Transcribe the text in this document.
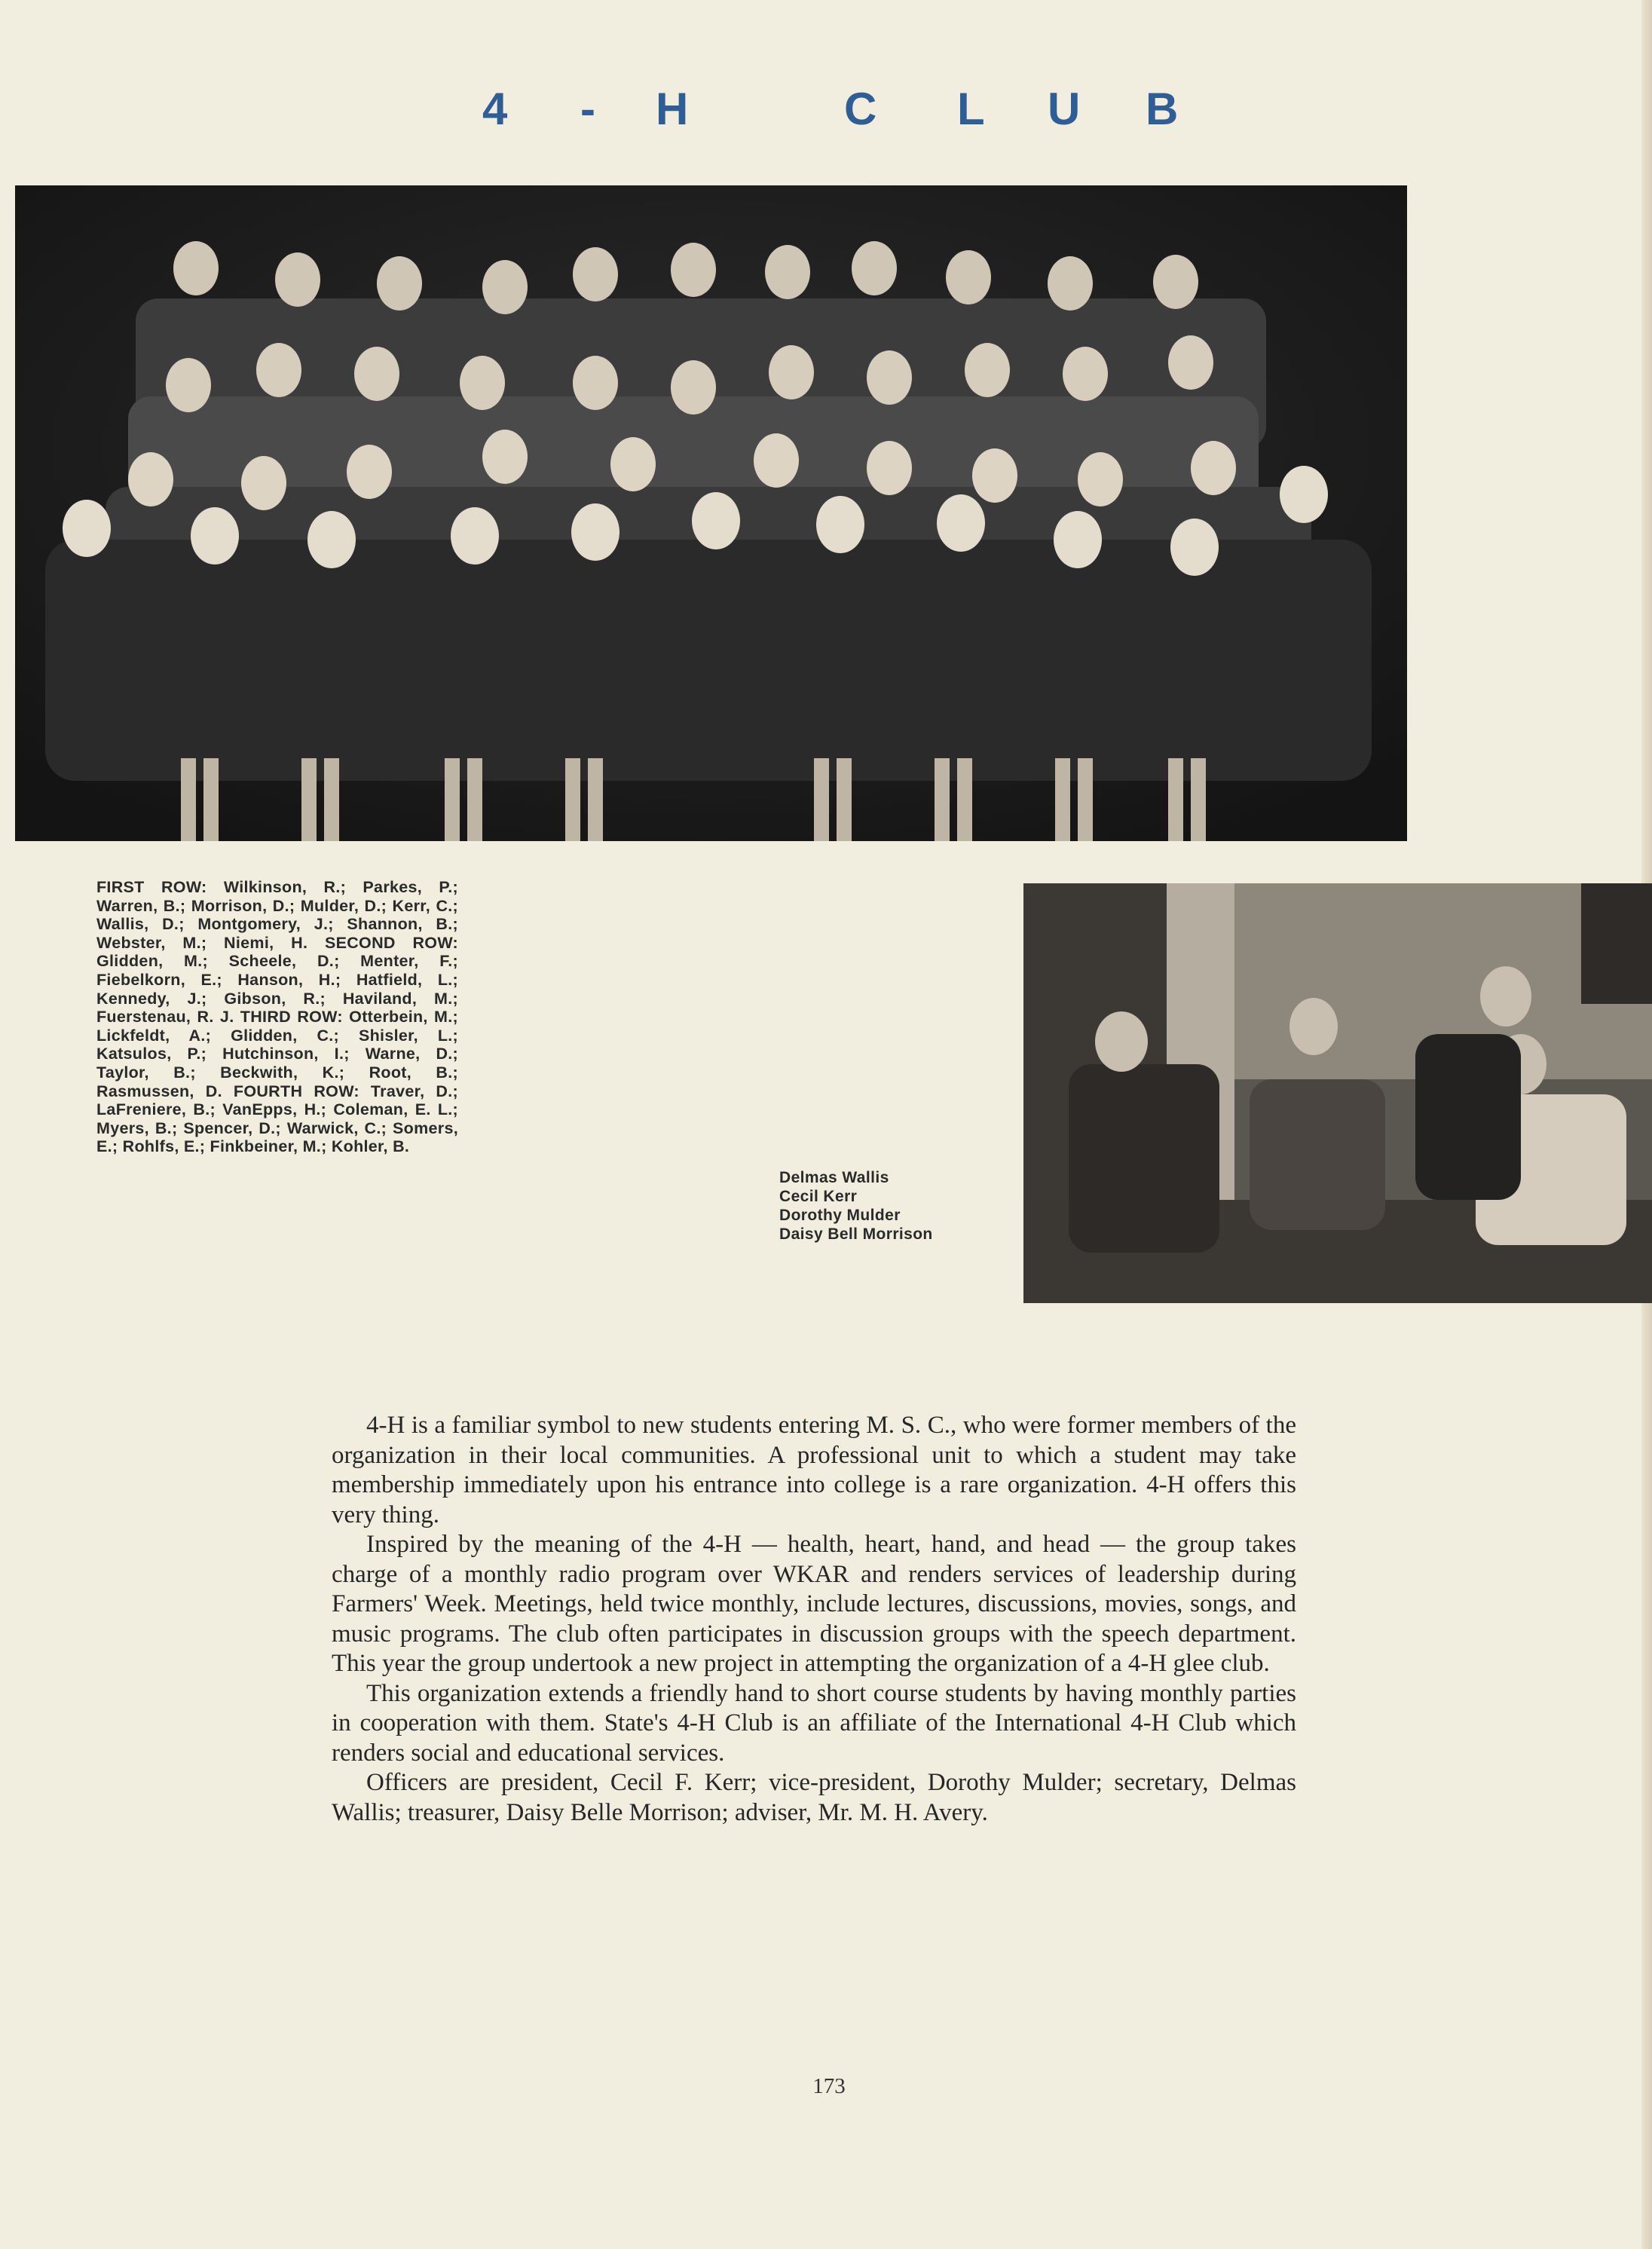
4 - H	C L U B

FIRST ROW: Wilkinson, R.; Parkes, P.; Warren, B.; Morrison, D.; Mulder, D.; Kerr, C.; Wallis, D.; Montgomery, J.; Shannon, B.; Webster, M.; Niemi, H. SECOND ROW: Glidden, M.; Scheele, D.; Menter, F.; Fiebelkorn, E.; Hanson, H.; Hatfield, L.; Kennedy, J.; Gibson, R.; Haviland, M.; Fuerstenau, R. J. THIRD ROW: Otterbein, M.; Lickfeldt, A.; Glidden, C.; Shisler, L.; Katsulos, P.; Hutchinson, I.; Warne, D.; Taylor, B.; Beckwith, K.; Root, B.; Rasmussen, D. FOURTH ROW: Traver, D.; LaFreniere, B.; VanEpps, H.; Coleman, E. L.; Myers, B.; Spencer, D.; Warwick, C.; Somers, E.; Rohlfs, E.; Finkbeiner, M.; Kohler, B.

Delmas Wallis
Cecil Kerr
Dorothy Mulder
Daisy Bell Morrison

4-H is a familiar symbol to new students entering M. S. C., who were former members of the organization in their local communities. A professional unit to which a student may take membership immediately upon his entrance into college is a rare organization. 4-H offers this very thing.

Inspired by the meaning of the 4-H — health, heart, hand, and head — the group takes charge of a monthly radio program over WKAR and renders services of leadership during Farmers' Week. Meetings, held twice monthly, include lectures, discussions, movies, songs, and music programs. The club often participates in discussion groups with the speech department. This year the group undertook a new project in attempting the organization of a 4-H glee club.

This organization extends a friendly hand to short course students by having monthly parties in cooperation with them. State's 4-H Club is an affiliate of the International 4-H Club which renders social and educational services.

Officers are president, Cecil F. Kerr; vice-president, Dorothy Mulder; secretary, Delmas Wallis; treasurer, Daisy Belle Morrison; adviser, Mr. M. H. Avery.

173
